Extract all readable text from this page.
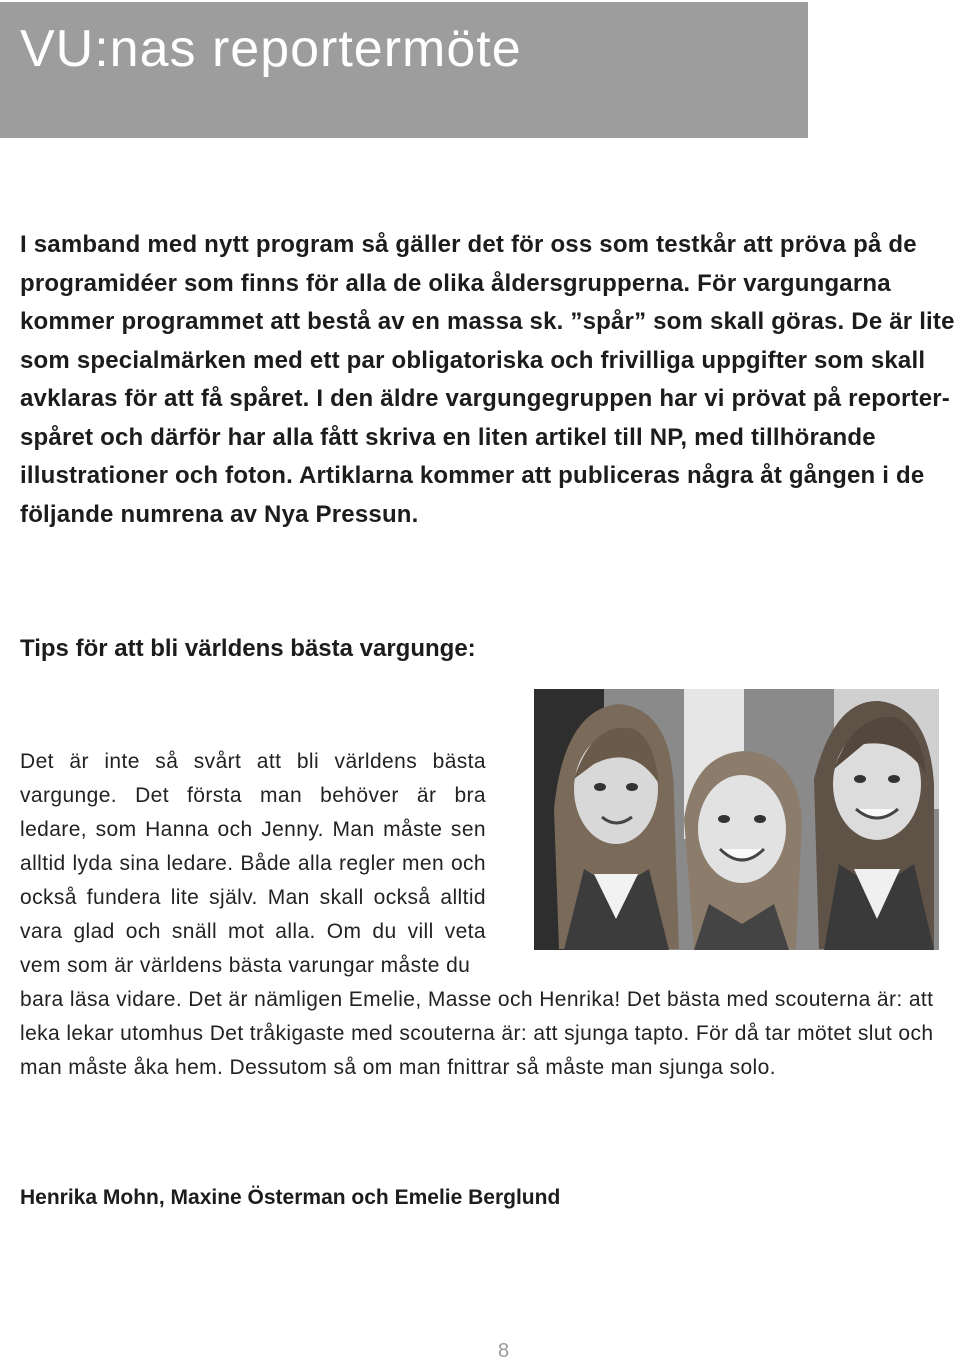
VU:nas reportermöte

I samband med nytt program så gäller det för oss som testkår att pröva på de programidéer som finns för alla de olika åldersgrupperna. För vargungarna kommer programmet att bestå av en massa sk. ”spår” som skall göras. De är lite som specialmärken med ett par obligatoriska och frivilliga uppgifter som skall avklaras för att få spåret. I den äldre vargungegruppen har vi prövat på reporter-spåret och därför har alla fått skriva en liten artikel till NP, med tillhörande illustrationer och foton. Artiklarna kommer att publiceras några åt gången i de följande numrena av Nya Pressun.

Tips för att bli världens bästa vargunge:

Det är inte så svårt att bli världens bästa vargunge. Det första man behöver är bra ledare, som Hanna och Jenny. Man måste sen alltid lyda sina ledare. Både alla regler men och också fundera lite själv. Man skall också alltid vara glad och snäll mot alla. Om du vill veta vem som är världens bästa varungar måste du
bara läsa vidare. Det är nämligen Emelie, Masse och Henrika! Det bästa med scouterna är: att leka lekar utomhus Det tråkigaste med scouterna är: att sjunga tapto. För då tar mötet slut och man måste åka hem. Dessutom så om man fnittrar så måste man sjunga solo.

Henrika Mohn, Maxine Österman och Emelie Berglund

8
